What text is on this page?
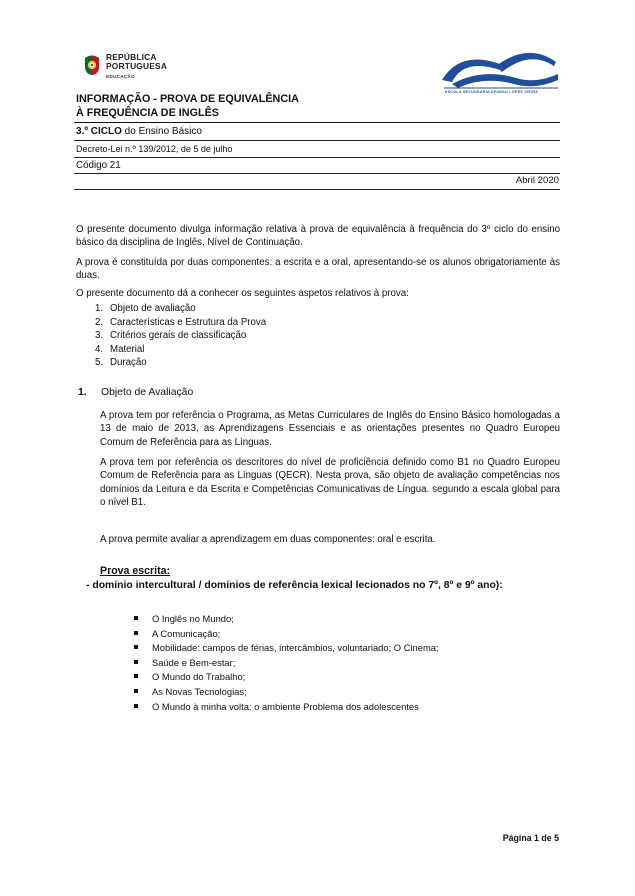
REPÚBLICA
PORTUGUESA
EDUCAÇÃO
ESCOLA SECUNDÁRIA AFONSO LOPES VIEIRA
INFORMAÇÃO - PROVA DE EQUIVALÊNCIA
À FREQUÊNCIA DE INGLÊS
3.º CICLO do Ensino Básico
Decreto-Lei n.º 139/2012, de 5 de julho
Código 21
Abril 2020
O presente documento divulga informação relativa à prova de equivalência à frequência do 3º ciclo do ensino básico da disciplina de Inglês, Nível de Continuação.
A prova é constituída por duas componentes: a escrita e a oral, apresentando-se os alunos obrigatoriamente às duas.
O presente documento dá a conhecer os seguintes aspetos relativos à prova:
1. Objeto de avaliação
2. Características e Estrutura da Prova
3. Critérios gerais de classificação
4. Material
5. Duração
1. Objeto de Avaliação
A prova tem por referência o Programa, as Metas Curriculares de Inglês do Ensino Básico homologadas a 13 de maio de 2013, as Aprendizagens Essenciais e as orientações presentes no Quadro Europeu Comum de Referência para as Línguas.
A prova tem por referência os descritores do nível de proficiência definido como B1 no Quadro Europeu Comum de Referência para as Línguas (QECR). Nesta prova, são objeto de avaliação competências nos domínios da Leitura e da Escrita e Competências Comunicativas de Língua. segundo a escala global para o nível B1.
A prova permite avaliar a aprendizagem em duas componentes: oral e escrita.
Prova escrita:
- domínio intercultural / domínios de referência lexical lecionados no 7º, 8º e 9º ano):
O Inglês no Mundo;
A Comunicação;
Mobilidade: campos de férias, intercâmbios, voluntariado; O Cinema;
Saúde e Bem-estar;
O Mundo do Trabalho;
As Novas Tecnologias;
O Mundo à minha volta: o ambiente Problema dos adolescentes
Página 1 de 5
